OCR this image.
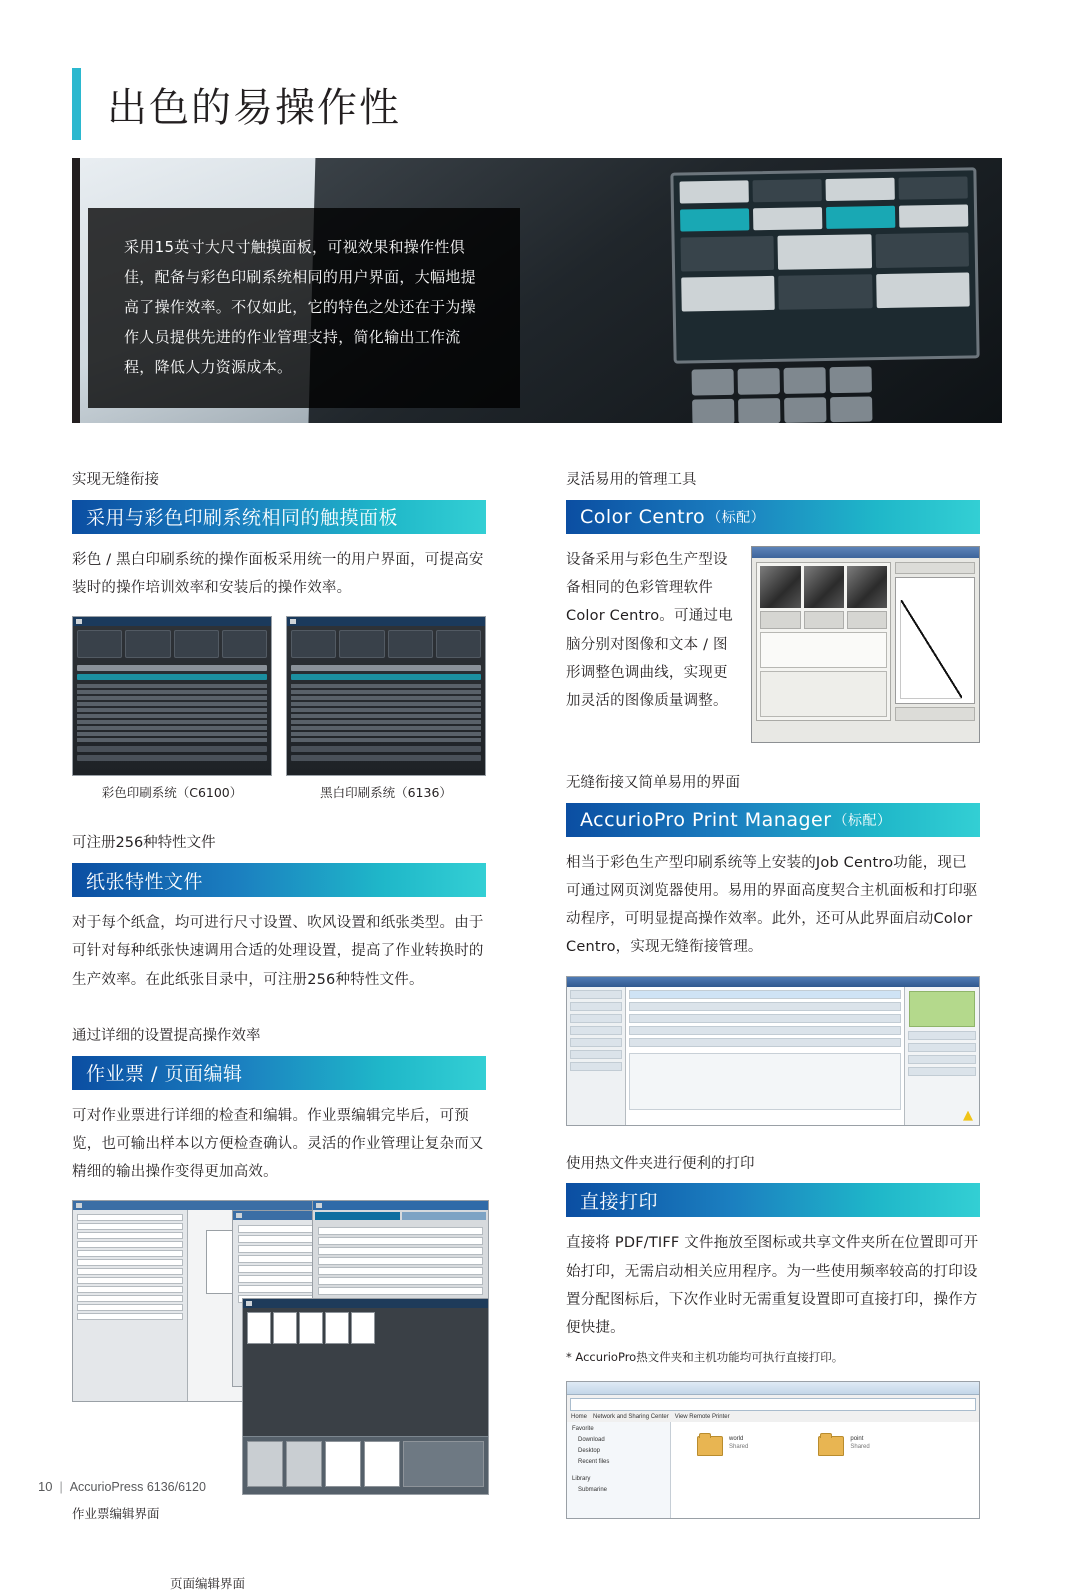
出色的易操作性
采用15英寸大尺寸触摸面板，可视效果和操作性俱佳，配备与彩色印刷系统相同的用户界面，大幅地提高了操作效率。不仅如此，它的特色之处还在于为操作人员提供先进的作业管理支持，简化输出工作流程，降低人力资源成本。

实现无缝衔接

采用与彩色印刷系统相同的触摸面板

彩色 / 黑白印刷系统的操作面板采用统一的用户界面，可提高安装时的操作培训效率和安装后的操作效率。

彩色印刷系统（C6100）	黑白印刷系统（6136）

可注册256种特性文件

纸张特性文件

对于每个纸盒，均可进行尺寸设置、吹风设置和纸张类型。由于可针对每种纸张快速调用合适的处理设置，提高了作业转换时的生产效率。在此纸张目录中，可注册256种特性文件。

通过详细的设置提高操作效率

作业票 / 页面编辑

可对作业票进行详细的检查和编辑。作业票编辑完毕后，可预览，也可输出样本以方便检查确认。灵活的作业管理让复杂而又精细的输出操作变得更加高效。

作业票编辑界面
页面编辑界面

灵活易用的管理工具

Color Centro （标配）

设备采用与彩色生产型设备相同的色彩管理软件 Color Centro。可通过电脑分别对图像和文本 / 图形调整色调曲线，实现更加灵活的图像质量调整。

无缝衔接又简单易用的界面

AccurioPro Print Manager （标配）

相当于彩色生产型印刷系统等上安装的Job Centro功能，现已可通过网页浏览器使用。易用的界面高度契合主机面板和打印驱动程序，可明显提高操作效率。此外，还可从此界面启动Color Centro，实现无缝衔接管理。

使用热文件夹进行便利的打印

直接打印

直接将 PDF/TIFF 文件拖放至图标或共享文件夹所在位置即可开始打印，无需启动相关应用程序。为一些使用频率较高的打印设置分配图标后，下次作业时无需重复设置即可直接打印，操作方便快捷。

* AccurioPro热文件夹和主机功能均可执行直接打印。

Home Network and Sharing Center View Remote Printer
Favorite
Download
Desktop
Recent files
Library
Submarine
world
Shared
point
Shared
10 | AccurioPress 6136/6120
